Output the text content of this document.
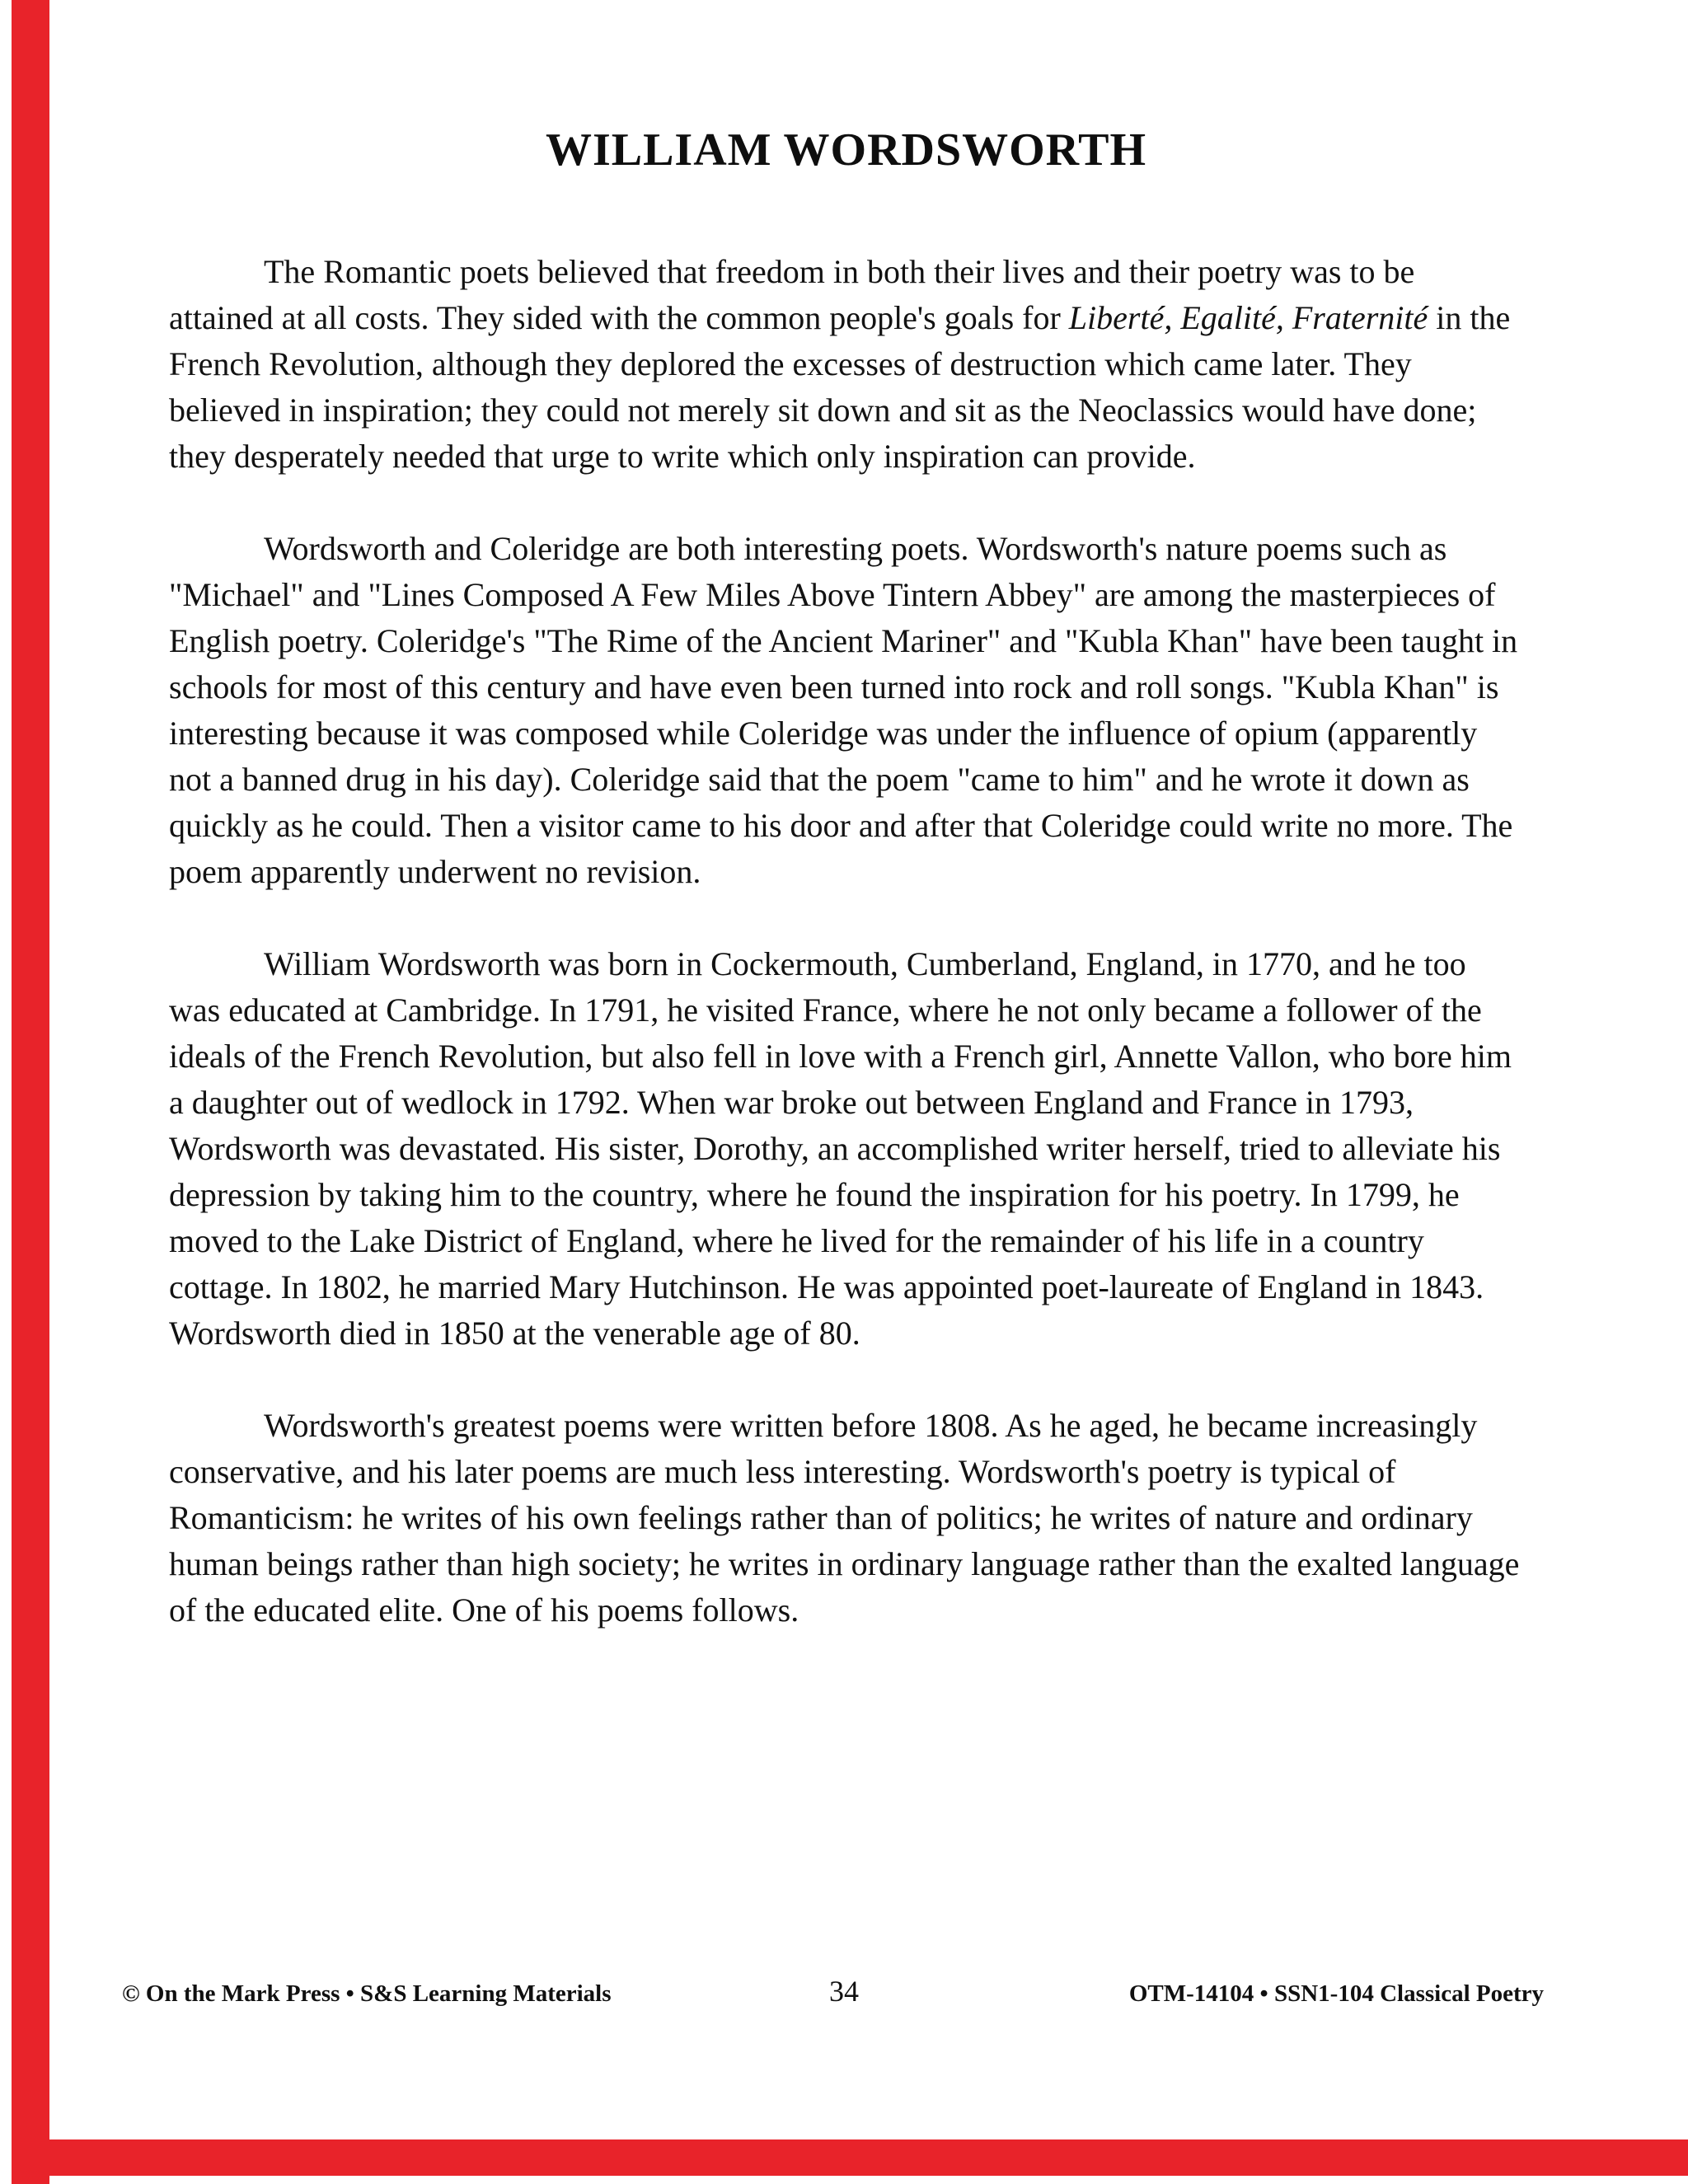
WILLIAM WORDSWORTH

The Romantic poets believed that freedom in both their lives and their poetry was to be attained at all costs. They sided with the common people's goals for Liberté, Egalité, Fraternité in the French Revolution, although they deplored the excesses of destruction which came later. They believed in inspiration; they could not merely sit down and sit as the Neoclassics would have done; they desperately needed that urge to write which only inspiration can provide.

Wordsworth and Coleridge are both interesting poets. Wordsworth's nature poems such as "Michael" and "Lines Composed A Few Miles Above Tintern Abbey" are among the masterpieces of English poetry. Coleridge's "The Rime of the Ancient Mariner" and "Kubla Khan" have been taught in schools for most of this century and have even been turned into rock and roll songs. "Kubla Khan" is interesting because it was composed while Coleridge was under the influence of opium (apparently not a banned drug in his day). Coleridge said that the poem "came to him" and he wrote it down as quickly as he could. Then a visitor came to his door and after that Coleridge could write no more. The poem apparently underwent no revision.

William Wordsworth was born in Cockermouth, Cumberland, England, in 1770, and he too was educated at Cambridge. In 1791, he visited France, where he not only became a follower of the ideals of the French Revolution, but also fell in love with a French girl, Annette Vallon, who bore him a daughter out of wedlock in 1792. When war broke out between England and France in 1793, Wordsworth was devastated. His sister, Dorothy, an accomplished writer herself, tried to alleviate his depression by taking him to the country, where he found the inspiration for his poetry. In 1799, he moved to the Lake District of England, where he lived for the remainder of his life in a country cottage. In 1802, he married Mary Hutchinson. He was appointed poet-laureate of England in 1843. Wordsworth died in 1850 at the venerable age of 80.

Wordsworth's greatest poems were written before 1808. As he aged, he became increasingly conservative, and his later poems are much less interesting. Wordsworth's poetry is typical of Romanticism: he writes of his own feelings rather than of politics; he writes of nature and ordinary human beings rather than high society; he writes in ordinary language rather than the exalted language of the educated elite. One of his poems follows.

© On the Mark Press • S&S Learning Materials	34	OTM-14104 • SSN1-104 Classical Poetry
